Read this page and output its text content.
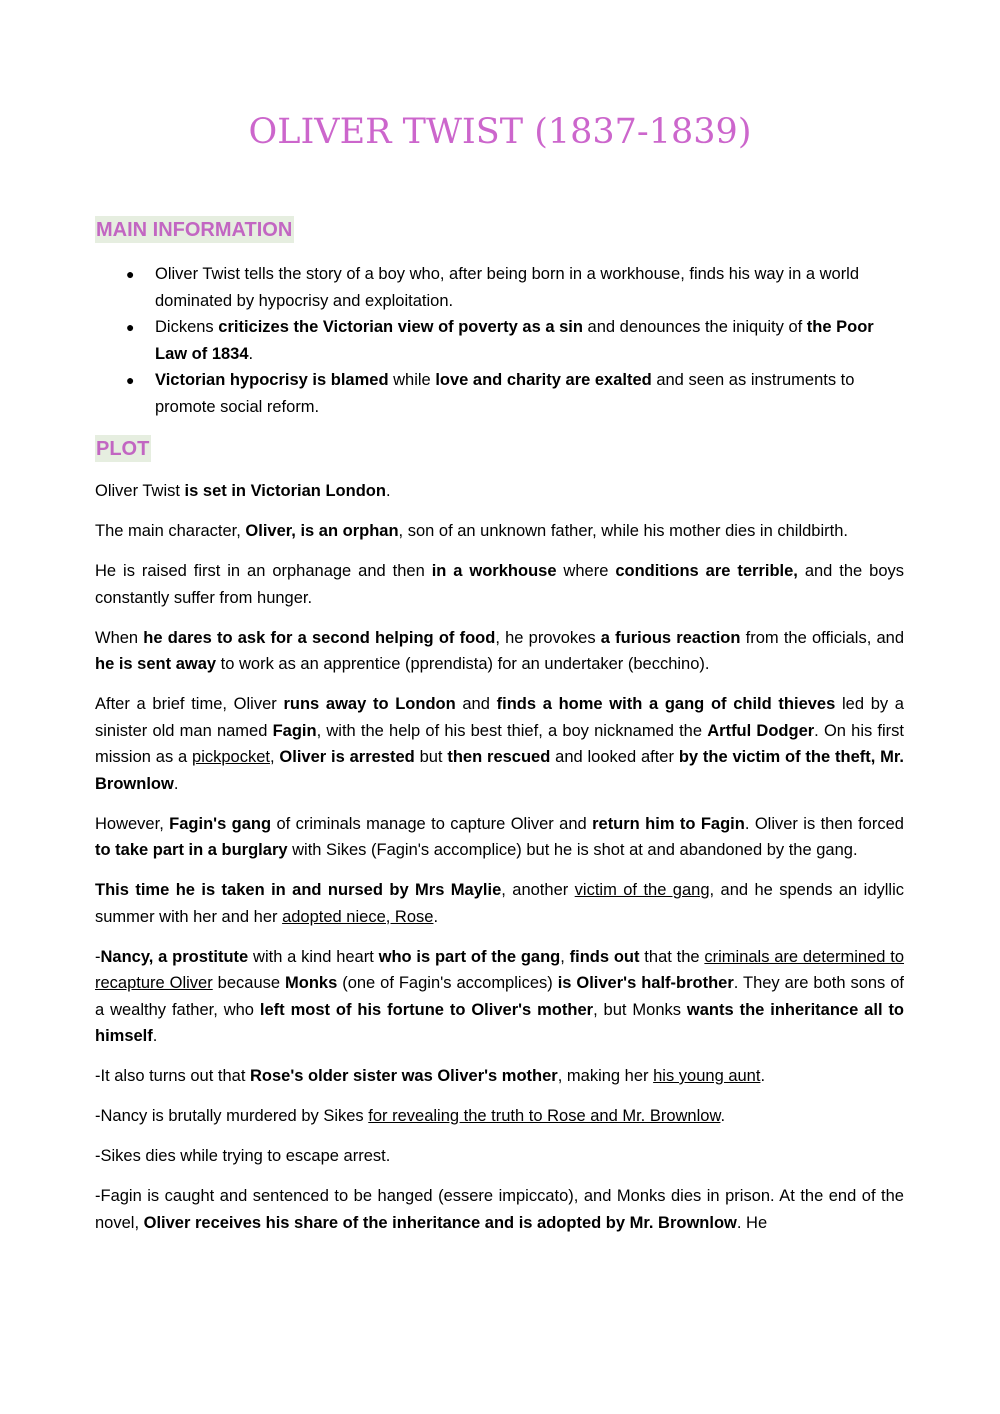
OLIVER TWIST (1837-1839)
MAIN INFORMATION
● Oliver Twist tells the story of a boy who, after being born in a workhouse, finds his way in a world dominated by hypocrisy and exploitation.
● Dickens criticizes the Victorian view of poverty as a sin and denounces the iniquity of the Poor Law of 1834.
● Victorian hypocrisy is blamed while love and charity are exalted and seen as instruments to promote social reform.
PLOT

Oliver Twist is set in Victorian London.

The main character, Oliver, is an orphan, son of an unknown father, while his mother dies in childbirth.

He is raised first in an orphanage and then in a workhouse where conditions are terrible, and the boys constantly suffer from hunger.

When he dares to ask for a second helping of food, he provokes a furious reaction from the officials, and he is sent away to work as an apprentice (pprendista) for an undertaker (becchino).

After a brief time, Oliver runs away to London and finds a home with a gang of child thieves led by a sinister old man named Fagin, with the help of his best thief, a boy nicknamed the Artful Dodger. On his first mission as a pickpocket, Oliver is arrested but then rescued and looked after by the victim of the theft, Mr. Brownlow.

However, Fagin's gang of criminals manage to capture Oliver and return him to Fagin. Oliver is then forced to take part in a burglary with Sikes (Fagin's accomplice) but he is shot at and abandoned by the gang.

This time he is taken in and nursed by Mrs Maylie, another victim of the gang, and he spends an idyllic summer with her and her adopted niece, Rose.

-Nancy, a prostitute with a kind heart who is part of the gang, finds out that the criminals are determined to recapture Oliver because Monks (one of Fagin's accomplices) is Oliver's half-brother. They are both sons of a wealthy father, who left most of his fortune to Oliver's mother, but Monks wants the inheritance all to himself.

-It also turns out that Rose's older sister was Oliver's mother, making her his young aunt.

-Nancy is brutally murdered by Sikes for revealing the truth to Rose and Mr. Brownlow.

-Sikes dies while trying to escape arrest.

-Fagin is caught and sentenced to be hanged (essere impiccato), and Monks dies in prison. At the end of the novel, Oliver receives his share of the inheritance and is adopted by Mr. Brownlow. He
